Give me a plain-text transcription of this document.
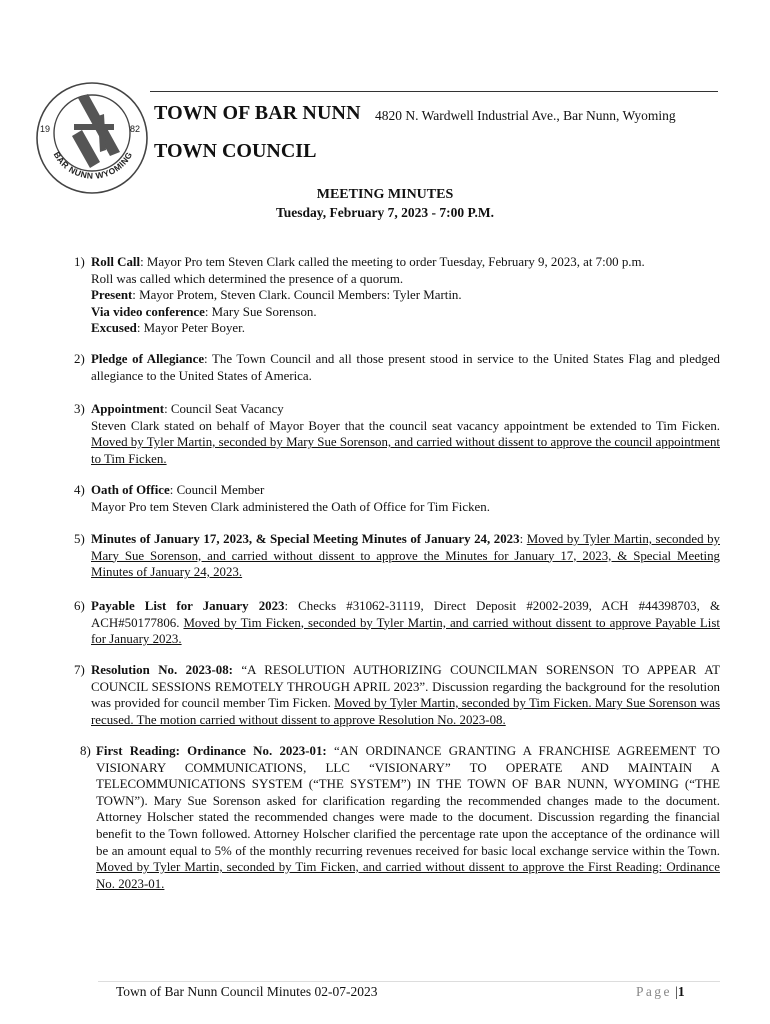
19	82
BAR NUNN WYOMING
TOWN OF BAR NUNN 4820 N. Wardwell Industrial Ave., Bar Nunn, Wyoming
TOWN COUNCIL
MEETING MINUTES
Tuesday, February 7, 2023 - 7:00 P.M.
1) Roll Call: Mayor Pro tem Steven Clark called the meeting to order Tuesday, February 9, 2023, at 7:00 p.m.
Roll was called which determined the presence of a quorum.
Present: Mayor Protem, Steven Clark. Council Members: Tyler Martin.
Via video conference: Mary Sue Sorenson.
Excused: Mayor Peter Boyer.
2) Pledge of Allegiance: The Town Council and all those present stood in service to the United States Flag and pledged allegiance to the United States of America.
3) Appointment: Council Seat Vacancy
Steven Clark stated on behalf of Mayor Boyer that the council seat vacancy appointment be extended to Tim Ficken. Moved by Tyler Martin, seconded by Mary Sue Sorenson, and carried without dissent to approve the council appointment to Tim Ficken.
4) Oath of Office: Council Member
Mayor Pro tem Steven Clark administered the Oath of Office for Tim Ficken.
5) Minutes of January 17, 2023, & Special Meeting Minutes of January 24, 2023: Moved by Tyler Martin, seconded by Mary Sue Sorenson, and carried without dissent to approve the Minutes for January 17, 2023, & Special Meeting Minutes of January 24, 2023.
6) Payable List for January 2023: Checks #31062-31119, Direct Deposit #2002-2039, ACH #44398703, & ACH#50177806. Moved by Tim Ficken, seconded by Tyler Martin, and carried without dissent to approve Payable List for January 2023.
7) Resolution No. 2023-08: “A RESOLUTION AUTHORIZING COUNCILMAN SORENSON TO APPEAR AT COUNCIL SESSIONS REMOTELY THROUGH APRIL 2023”. Discussion regarding the background for the resolution was provided for council member Tim Ficken. Moved by Tyler Martin, seconded by Tim Ficken. Mary Sue Sorenson was recused. The motion carried without dissent to approve Resolution No. 2023-08.
8) First Reading: Ordinance No. 2023-01: “AN ORDINANCE GRANTING A FRANCHISE AGREEMENT TO VISIONARY COMMUNICATIONS, LLC “VISIONARY” TO OPERATE AND MAINTAIN A TELECOMMUNICATIONS SYSTEM (“THE SYSTEM”) IN THE TOWN OF BAR NUNN, WYOMING (“THE TOWN”). Mary Sue Sorenson asked for clarification regarding the recommended changes made to the document. Attorney Holscher stated the recommended changes were made to the document. Discussion regarding the financial benefit to the Town followed. Attorney Holscher clarified the percentage rate upon the acceptance of the ordinance will be an amount equal to 5% of the monthly recurring revenues received for basic local exchange service within the Town. Moved by Tyler Martin, seconded by Tim Ficken, and carried without dissent to approve the First Reading: Ordinance No. 2023-01.
Town of Bar Nunn Council Minutes 02-07-2023	Page |1
